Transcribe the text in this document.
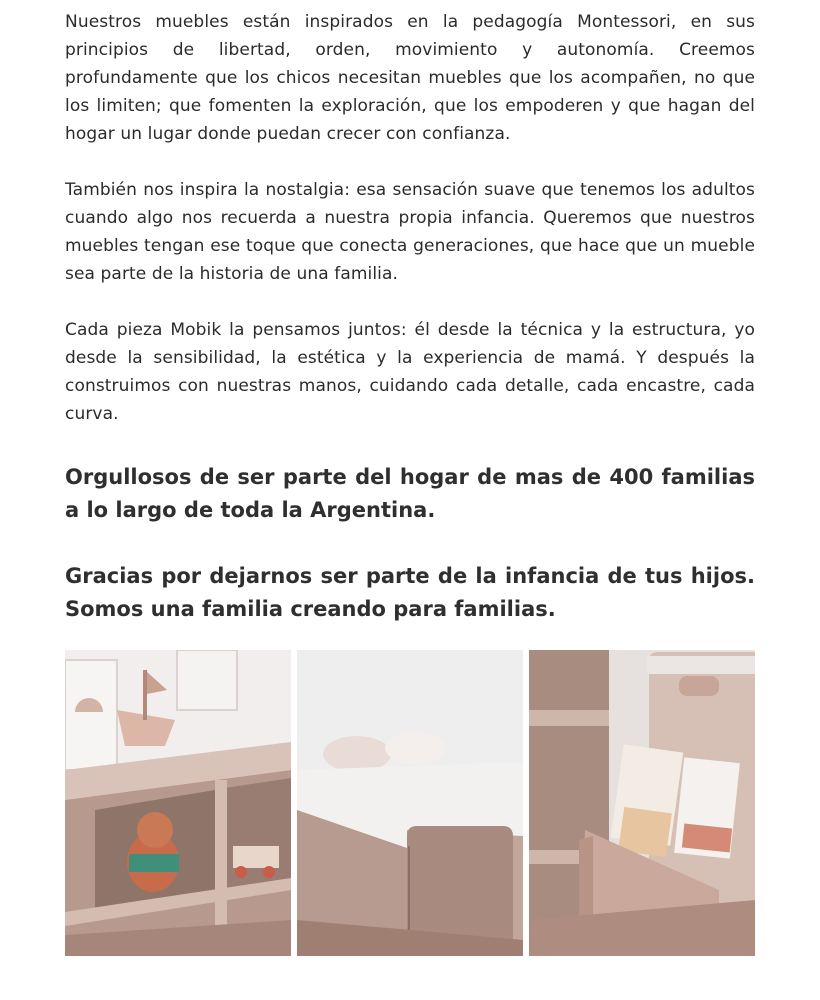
Nuestros muebles están inspirados en la pedagogía Montessori, en sus principios de libertad, orden, movimiento y autonomía. Creemos profundamente que los chicos necesitan muebles que los acompañen, no que los limiten; que fomenten la exploración, que los empoderen y que hagan del hogar un lugar donde puedan crecer con confianza.

También nos inspira la nostalgia: esa sensación suave que tenemos los adultos cuando algo nos recuerda a nuestra propia infancia. Queremos que nuestros muebles tengan ese toque que conecta generaciones, que hace que un mueble sea parte de la historia de una familia.

Cada pieza Mobik la pensamos juntos: él desde la técnica y la estructura, yo desde la sensibilidad, la estética y la experiencia de mamá. Y después la construimos con nuestras manos, cuidando cada detalle, cada encastre, cada curva.

Orgullosos de ser parte del hogar de mas de 400 familias a lo largo de toda la Argentina.

Gracias por dejarnos ser parte de la infancia de tus hijos. Somos una familia creando para familias.
